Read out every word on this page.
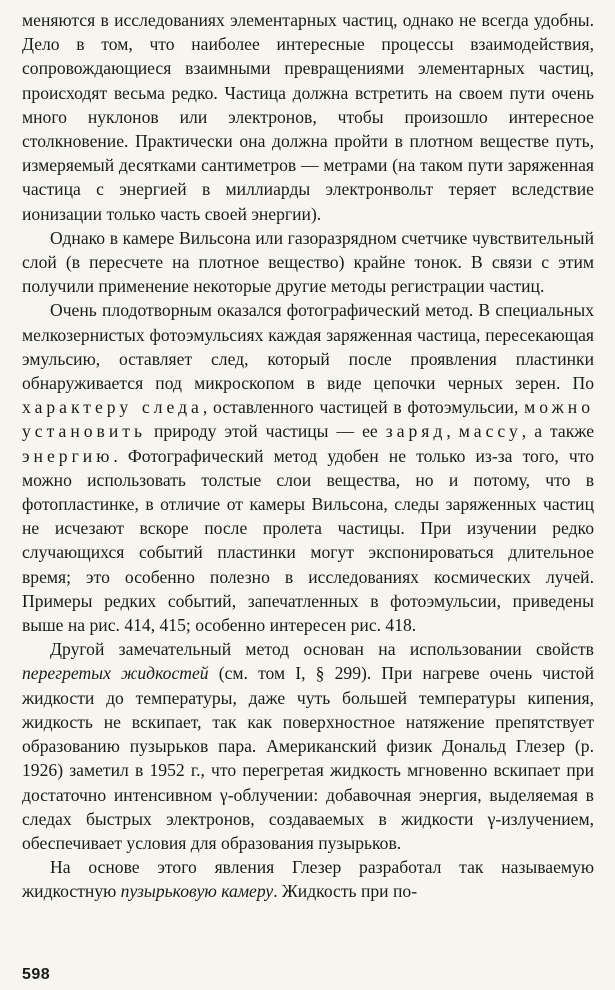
меняются в исследованиях элементарных частиц, однако не всегда удобны. Дело в том, что наиболее интересные процессы взаимодействия, сопровождающиеся взаимными превращениями элементарных частиц, происходят весьма редко. Частица должна встретить на своем пути очень много нуклонов или электронов, чтобы произошло интересное столкновение. Практически она должна пройти в плотном веществе путь, измеряемый десятками сантиметров — метрами (на таком пути заряженная частица с энергией в миллиарды электронвольт теряет вследствие ионизации только часть своей энергии).

Однако в камере Вильсона или газоразрядном счетчике чувствительный слой (в пересчете на плотное вещество) крайне тонок. В связи с этим получили применение некоторые другие методы регистрации частиц.

Очень плодотворным оказался фотографический метод. В специальных мелкозернистых фотоэмульсиях каждая заряженная частица, пересекающая эмульсию, оставляет след, который после проявления пластинки обнаруживается под микроскопом в виде цепочки черных зерен. По характеру следа, оставленного частицей в фотоэмульсии, можно установить природу этой частицы — ее заряд, массу, а также энергию. Фотографический метод удобен не только из-за того, что можно использовать толстые слои вещества, но и потому, что в фотопластинке, в отличие от камеры Вильсона, следы заряженных частиц не исчезают вскоре после пролета частицы. При изучении редко случающихся событий пластинки могут экспонироваться длительное время; это особенно полезно в исследованиях космических лучей. Примеры редких событий, запечатленных в фотоэмульсии, приведены выше на рис. 414, 415; особенно интересен рис. 418.

Другой замечательный метод основан на использовании свойств перегретых жидкостей (см. том I, § 299). При нагреве очень чистой жидкости до температуры, даже чуть большей температуры кипения, жидкость не вскипает, так как поверхностное натяжение препятствует образованию пузырьков пара. Американский физик Дональд Глезер (р. 1926) заметил в 1952 г., что перегретая жидкость мгновенно вскипает при достаточно интенсивном γ-облучении: добавочная энергия, выделяемая в следах быстрых электронов, создаваемых в жидкости γ-излучением, обеспечивает условия для образования пузырьков.

На основе этого явления Глезер разработал так называемую жидкостную пузырьковую камеру. Жидкость при по-

598
